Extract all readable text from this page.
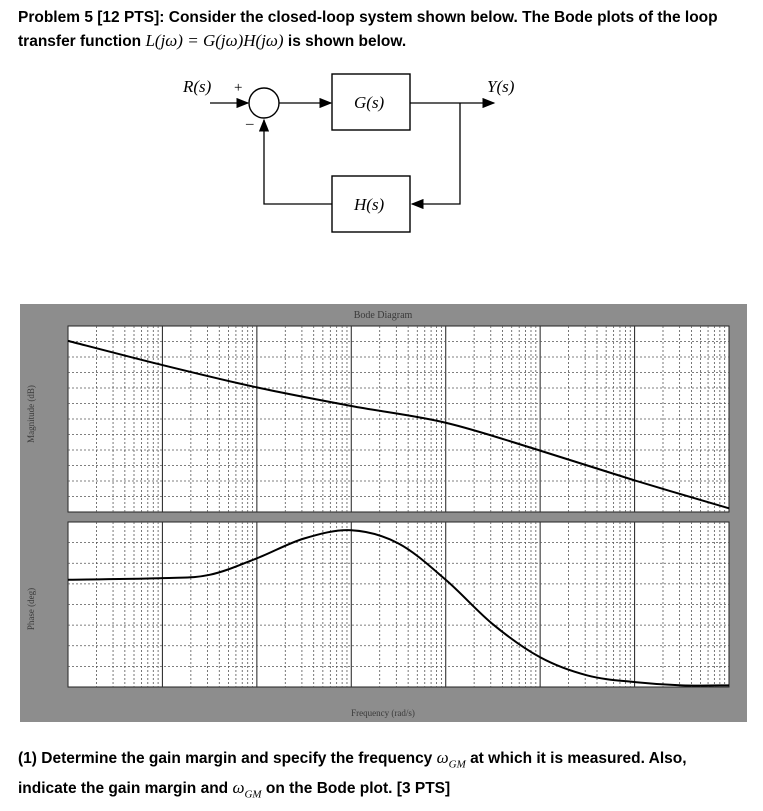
Problem 5 [12 PTS]: Consider the closed-loop system shown below. The Bode plots of the loop
transfer function L(jω) = G(jω)H(jω) is shown below.
R(s) +
–
G(s)
Y(s)
H(s)
Bode Diagram
Magnitude (dB)
Phase (deg)
Frequency (rad/s)
(1) Determine the gain margin and specify the frequency $\omega_{GM}$ at which it is measured. Also,
indicate the gain margin and $\omega_{GM}$ on the Bode plot. [3 PTS]
